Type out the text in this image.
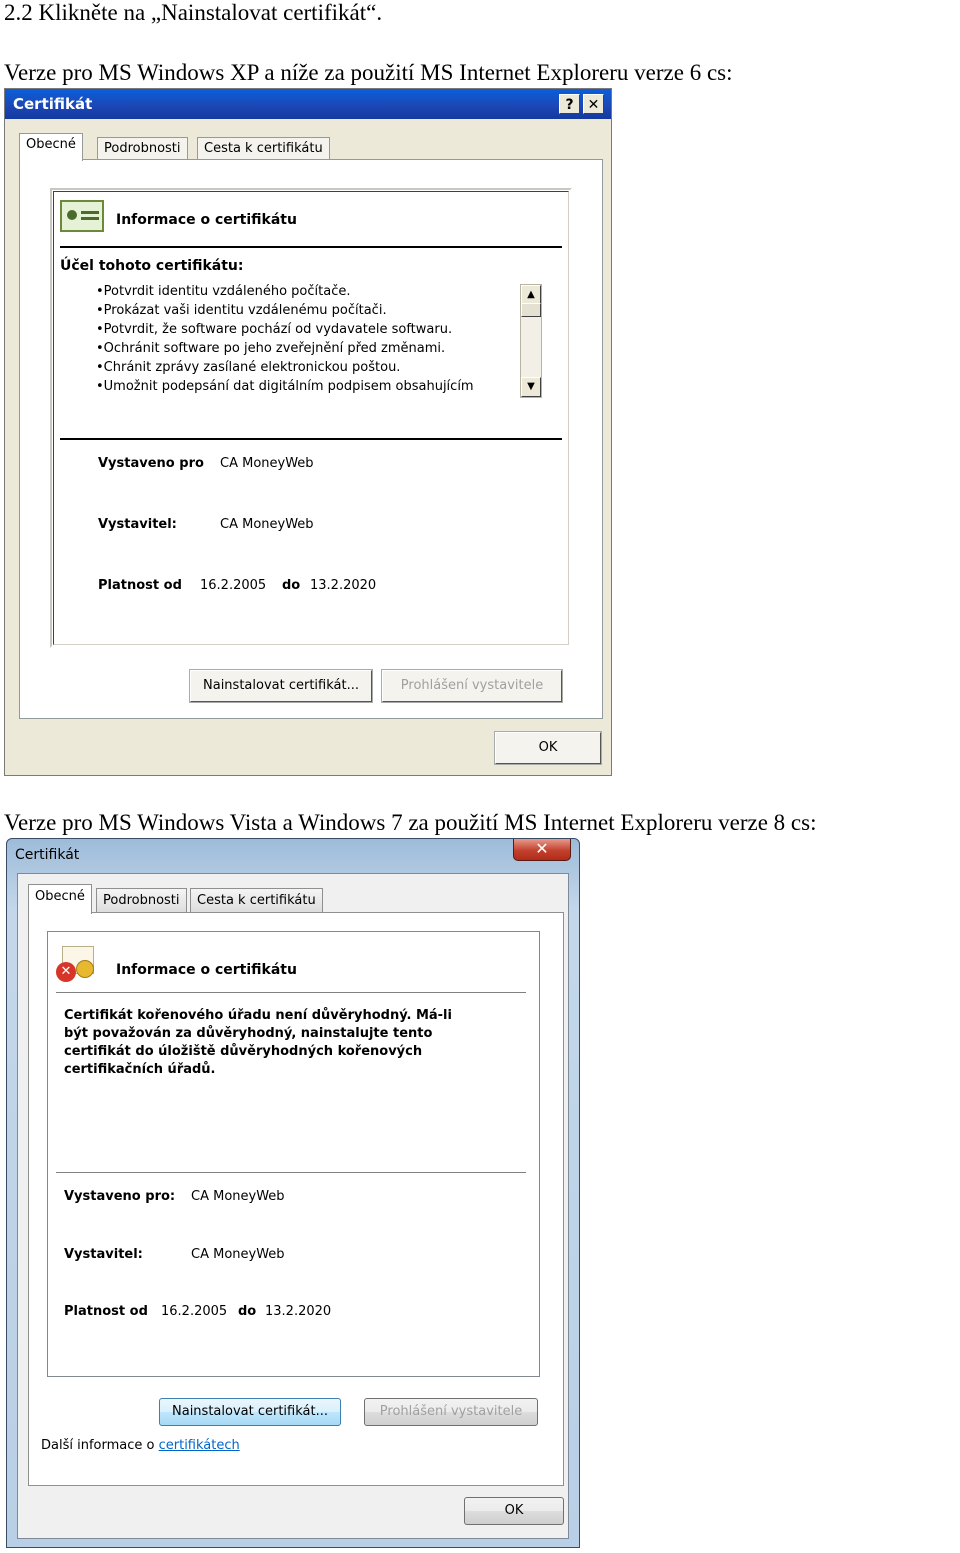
2.2 Klikněte na „Nainstalovat certifikát“.
Verze pro MS Windows XP a níže za použití MS Internet Exploreru verze 6 cs:
Verze pro MS Windows Vista a Windows 7 za použití MS Internet Exploreru verze 8 cs:
Certifikát	?	✕
Obecné	Podrobnosti	Cesta k certifikátu
Informace o certifikátu
Účel tohoto certifikátu:
•Potvrdit identitu vzdáleného počítače.
•Prokázat vaši identitu vzdálenému počítači.
•Potvrdit, že software pochází od vydavatele softwaru.
•Ochránit software po jeho zveřejnění před změnami.
•Chránit zprávy zasílané elektronickou poštou.
•Umožnit podepsání dat digitálním podpisem obsahujícím
▲
▼
Vystaveno pro CA MoneyWeb
Vystavitel:	CA MoneyWeb
Platnost od 16.2.2005 do 13.2.2020
Nainstalovat certifikát...	Prohlášení vystavitele
OK
Certifikát	✕
Obecné	Podrobnosti	Cesta k certifikátu
✕	Informace o certifikátu
Certifikát kořenového úřadu není důvěryhodný. Má-li
být považován za důvěryhodný, nainstalujte tento
certifikát do úložiště důvěryhodných kořenových
certifikačních úřadů.
Vystaveno pro: CA MoneyWeb
Vystavitel:	CA MoneyWeb
Platnost od 16.2.2005 do 13.2.2020
Nainstalovat certifikát...	Prohlášení vystavitele
Další informace o certifikátech
OK
